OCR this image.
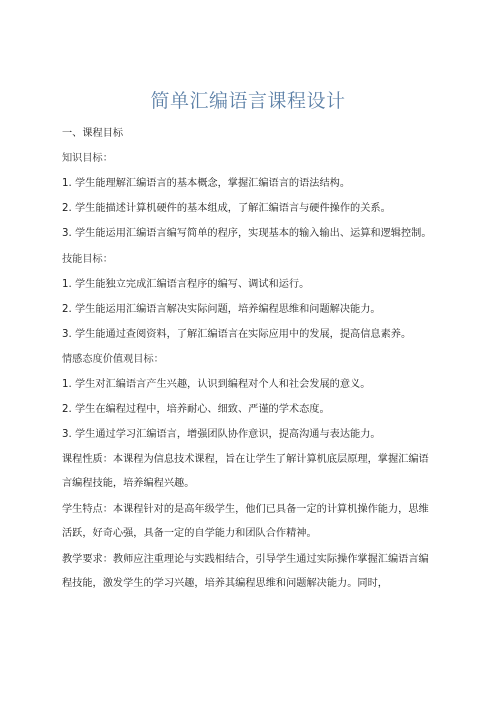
简单汇编语言课程设计

一、课程目标

知识目标：

1. 学生能理解汇编语言的基本概念，掌握汇编语言的语法结构。

2. 学生能描述计算机硬件的基本组成，了解汇编语言与硬件操作的关系。

3. 学生能运用汇编语言编写简单的程序，实现基本的输入输出、运算和逻辑控制。

技能目标：

1. 学生能独立完成汇编语言程序的编写、调试和运行。

2. 学生能运用汇编语言解决实际问题，培养编程思维和问题解决能力。

3. 学生能通过查阅资料，了解汇编语言在实际应用中的发展，提高信息素养。

情感态度价值观目标：

1. 学生对汇编语言产生兴趣，认识到编程对个人和社会发展的意义。

2. 学生在编程过程中，培养耐心、细致、严谨的学术态度。

3. 学生通过学习汇编语言，增强团队协作意识，提高沟通与表达能力。

课程性质：本课程为信息技术课程，旨在让学生了解计算机底层原理，掌握汇编语言编程技能，培养编程兴趣。

学生特点：本课程针对的是高年级学生，他们已具备一定的计算机操作能力，思维活跃，好奇心强，具备一定的自学能力和团队合作精神。

教学要求：教师应注重理论与实践相结合，引导学生通过实际操作掌握汇编语言编程技能，激发学生的学习兴趣，培养其编程思维和问题解决能力。同时，
